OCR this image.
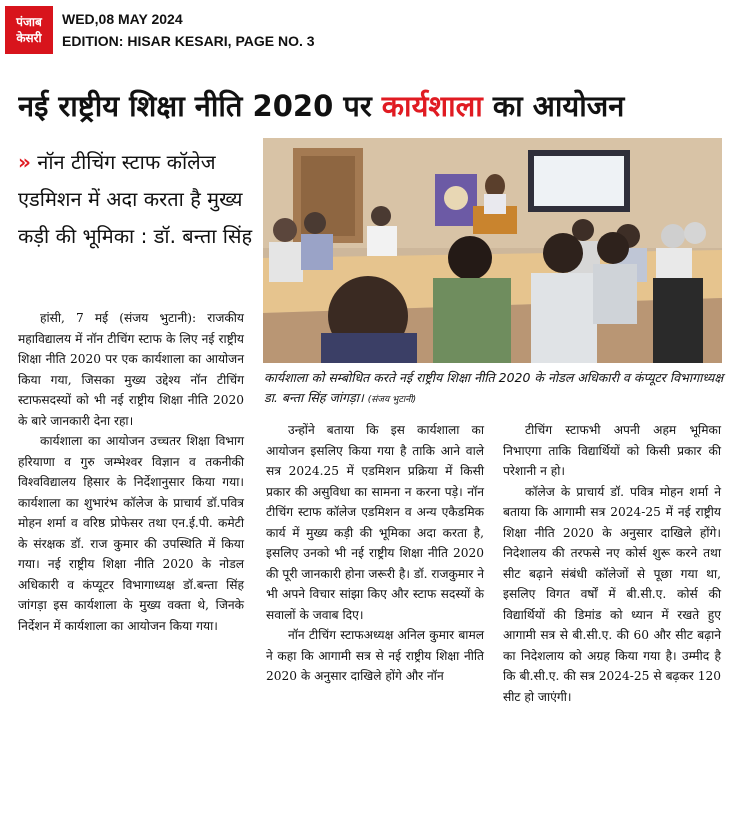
पंजाब
केसरी
WED,08 MAY 2024
EDITION: HISAR KESARI, PAGE NO. 3
नई राष्ट्रीय शिक्षा नीति 2020 पर कार्यशाला का आयोजन
» नॉन टीचिंग स्टाफ कॉलेज एडमिशन में अदा करता है मुख्य कड़ी की भूमिका : डॉ. बन्ता सिंह

हांसी, 7 मई (संजय भुटानी): राजकीय महाविद्यालय में नॉन टीचिंग स्टाफ के लिए नई राष्ट्रीय शिक्षा नीति 2020 पर एक कार्यशाला का आयोजन किया गया, जिसका मुख्य उद्देश्य नॉन टीचिंग स्टाफसदस्यों को भी नई राष्ट्रीय शिक्षा नीति 2020 के बारे जानकारी देना रहा।

कार्यशाला का आयोजन उच्चतर शिक्षा विभाग हरियाणा व गुरु जम्भेश्वर विज्ञान व तकनीकी विश्वविद्यालय हिसार के निर्देशानुसार किया गया। कार्यशाला का शुभारंभ कॉलेज के प्राचार्य डॉ.पवित्र मोहन शर्मा व वरिष्ठ प्रोफेसर तथा एन.ई.पी. कमेटी के संरक्षक डॉ. राज कुमार की उपस्थिति में किया गया। नई राष्ट्रीय शिक्षा नीति 2020 के नोडल अधिकारी व कंप्यूटर विभागाध्यक्ष डॉ.बन्ता सिंह जांगड़ा इस कार्यशाला के मुख्य वक्ता थे, जिनके निर्देशन में कार्यशाला का आयोजन किया गया।

कार्यशाला को सम्बोधित करते नई राष्ट्रीय शिक्षा नीति 2020 के नोडल अधिकारी व कंप्यूटर विभागाध्यक्ष डा. बन्ता सिंह जांगड़ा। (संजय भुटानी)

उन्होंने बताया कि इस कार्यशाला का आयोजन इसलिए किया गया है ताकि आने वाले सत्र 2024.25 में एडमिशन प्रक्रिया में किसी प्रकार की असुविधा का सामना न करना पड़े। नॉन टीचिंग स्टाफ कॉलेज एडमिशन व अन्य एकैडमिक कार्य में मुख्य कड़ी की भूमिका अदा करता है, इसलिए उनको भी नई राष्ट्रीय शिक्षा नीति 2020 की पूरी जानकारी होना जरूरी है। डॉ. राजकुमार ने भी अपने विचार सांझा किए और स्टाफ सदस्यों के सवालों के जवाब दिए।

नॉन टीचिंग स्टाफअध्यक्ष अनिल कुमार बामल ने कहा कि आगामी सत्र से नई राष्ट्रीय शिक्षा नीति 2020 के अनुसार दाखिले होंगे और नॉन

टीचिंग स्टाफभी अपनी अहम भूमिका निभाएगा ताकि विद्यार्थियों को किसी प्रकार की परेशानी न हो।

कॉलेज के प्राचार्य डॉ. पवित्र मोहन शर्मा ने बताया कि आगामी सत्र 2024-25 में नई राष्ट्रीय शिक्षा नीति 2020 के अनुसार दाखिले होंगे। निदेशालय की तरफसे नए कोर्स शुरू करने तथा सीट बढ़ाने संबंधी कॉलेजों से पूछा गया था, इसलिए विगत वर्षों में बी.सी.ए. कोर्स की विद्यार्थियों की डिमांड को ध्यान में रखते हुए आगामी सत्र से बी.सी.ए. की 60 और सीट बढ़ाने का निदेशलाय को अग्रह किया गया है। उम्मीद है कि बी.सी.ए. की सत्र 2024-25 से बढ़कर 120 सीट हो जाएंगी।
